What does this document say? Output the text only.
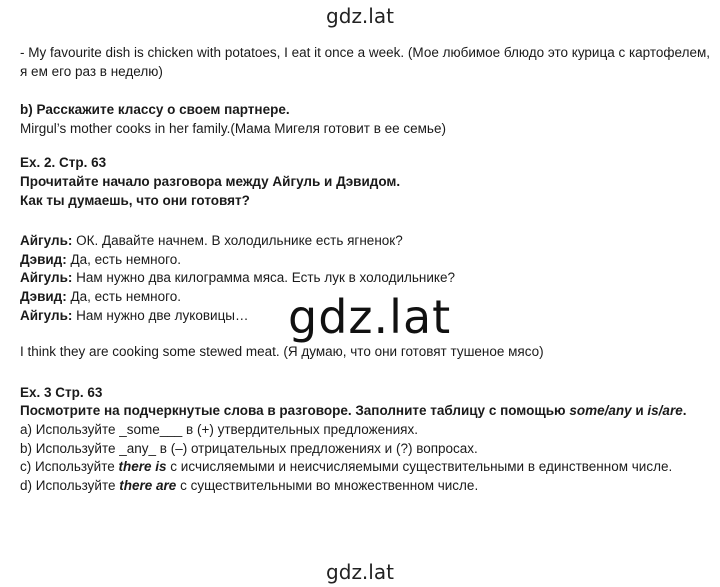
gdz.lat

- My favourite dish is chicken with potatoes, I eat it once a week. (Мое любимое блюдо это курица с картофелем, я ем его раз в неделю)

b) Расскажите классу о своем партнере.

Mirgul’s mother cooks in her family.(Мама Мигеля готовит в ее семье)

Ex. 2. Стр. 63

Прочитайте начало разговора между Айгуль и Дэвидом.

Как ты думаешь, что они готовят?

Айгуль: ОК. Давайте начнем. В холодильнике есть ягненок?

Дэвид: Да, есть немного.

Айгуль: Нам нужно два килограмма мяса. Есть лук в холодильнике?

Дэвид: Да, есть немного.

Айгуль: Нам нужно две луковицы…

I think they are cooking some stewed meat. (Я думаю, что они готовят тушеное мясо)

Ex. 3 Стр. 63

Посмотрите на подчеркнутые слова в разговоре. Заполните таблицу с помощью some/any и is/are.

a) Используйте _some___ в (+) утвердительных предложениях.

b) Используйте _any_ в (–) отрицательных предложениях и (?) вопросах.

c) Используйте there is с исчисляемыми и неисчисляемыми существительными в единственном числе.

d) Используйте there are с существительными во множественном числе.

gdz.lat
gdz.lat
